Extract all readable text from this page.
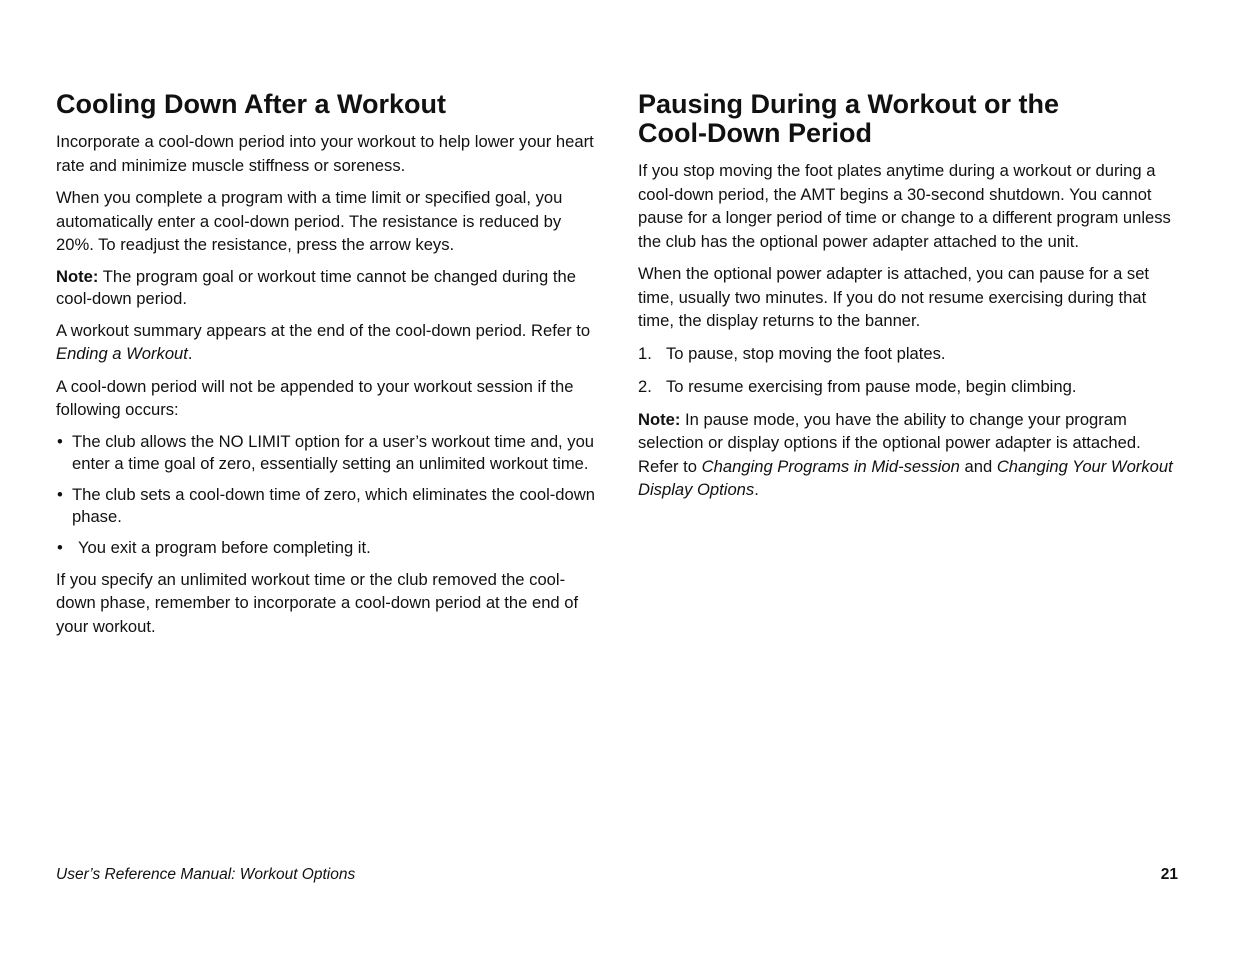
Cooling Down After a Workout

Incorporate a cool-down period into your workout to help lower your heart rate and minimize muscle stiffness or soreness.

When you complete a program with a time limit or specified goal, you automatically enter a cool-down period. The resistance is reduced by 20%. To readjust the resistance, press the arrow keys.

Note: The program goal or workout time cannot be changed during the cool-down period.

A workout summary appears at the end of the cool-down period. Refer to Ending a Workout.

A cool-down period will not be appended to your workout session if the following occurs:

• The club allows the NO LIMIT option for a user’s workout time and, you enter a time goal of zero, essentially setting an unlimited workout time.
• The club sets a cool-down time of zero, which eliminates the cool-down phase.
• You exit a program before completing it.

If you specify an unlimited workout time or the club removed the cool-down phase, remember to incorporate a cool-down period at the end of your workout.

Pausing During a Workout or the
Cool-Down Period

If you stop moving the foot plates anytime during a workout or during a cool-down period, the AMT begins a 30-second shutdown. You cannot pause for a longer period of time or change to a different program unless the club has the optional power adapter attached to the unit.

When the optional power adapter is attached, you can pause for a set time, usually two minutes. If you do not resume exercising during that time, the display returns to the banner.

1. To pause, stop moving the foot plates.
2. To resume exercising from pause mode, begin climbing.

Note: In pause mode, you have the ability to change your program selection or display options if the optional power adapter is attached. Refer to Changing Programs in Mid-session and Changing Your Workout Display Options.

User’s Reference Manual: Workout Options	21
